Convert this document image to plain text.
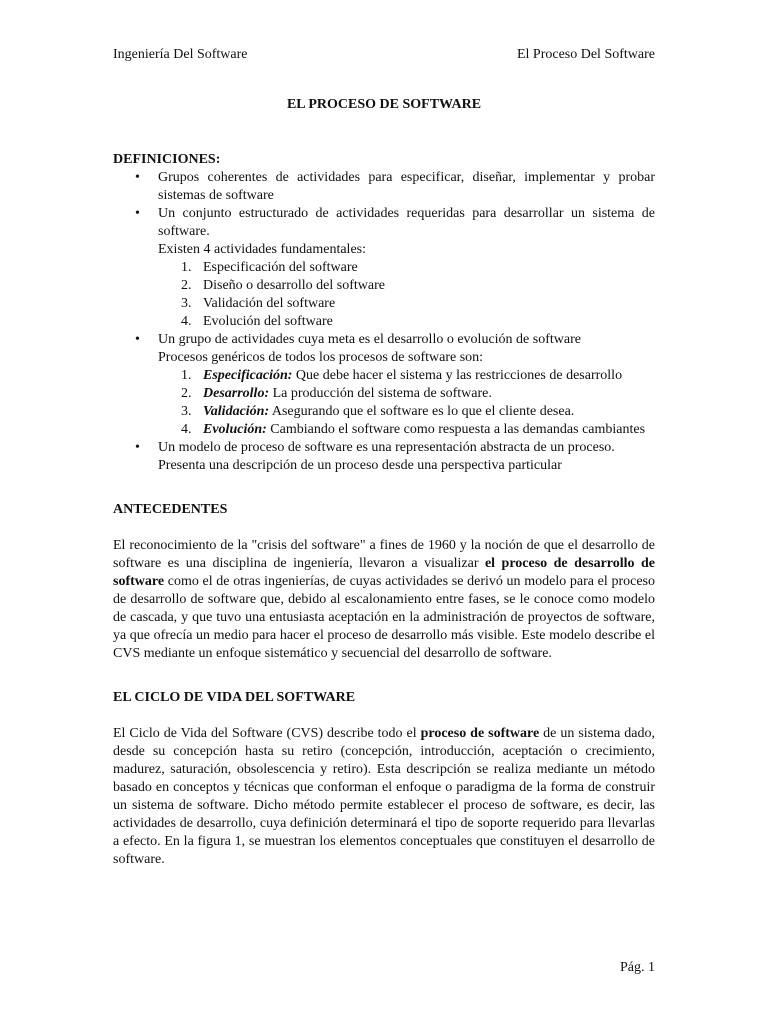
Ingeniería Del Software	El Proceso Del Software
EL PROCESO DE SOFTWARE
DEFINICIONES:
• Grupos coherentes de actividades para especificar, diseñar, implementar y probar sistemas de software
• Un conjunto estructurado de actividades requeridas para desarrollar un sistema de software.
Existen 4 actividades fundamentales:
1. Especificación del software
2. Diseño o desarrollo del software
3. Validación del software
4. Evolución del software
• Un grupo de actividades cuya meta es el desarrollo o evolución de software
Procesos genéricos de todos los procesos de software son:
1. Especificación: Que debe hacer el sistema y las restricciones de desarrollo
2. Desarrollo: La producción del sistema de software.
3. Validación: Asegurando que el software es lo que el cliente desea.
4. Evolución: Cambiando el software como respuesta a las demandas cambiantes
• Un modelo de proceso de software es una representación abstracta de un proceso.
Presenta una descripción de un proceso desde una perspectiva particular
ANTECEDENTES

El reconocimiento de la "crisis del software" a fines de 1960 y la noción de que el desarrollo de software es una disciplina de ingeniería, llevaron a visualizar el proceso de desarrollo de software como el de otras ingenierías, de cuyas actividades se derivó un modelo para el proceso de desarrollo de software que, debido al escalonamiento entre fases, se le conoce como modelo de cascada, y que tuvo una entusiasta aceptación en la administración de proyectos de software, ya que ofrecía un medio para hacer el proceso de desarrollo más visible. Este modelo describe el CVS mediante un enfoque sistemático y secuencial del desarrollo de software.

EL CICLO DE VIDA DEL SOFTWARE

El Ciclo de Vida del Software (CVS) describe todo el proceso de software de un sistema dado, desde su concepción hasta su retiro (concepción, introducción, aceptación o crecimiento, madurez, saturación, obsolescencia y retiro). Esta descripción se realiza mediante un método basado en conceptos y técnicas que conforman el enfoque o paradigma de la forma de construir un sistema de software. Dicho método permite establecer el proceso de software, es decir, las actividades de desarrollo, cuya definición determinará el tipo de soporte requerido para llevarlas a efecto. En la figura 1, se muestran los elementos conceptuales que constituyen el desarrollo de software.

Pág. 1
